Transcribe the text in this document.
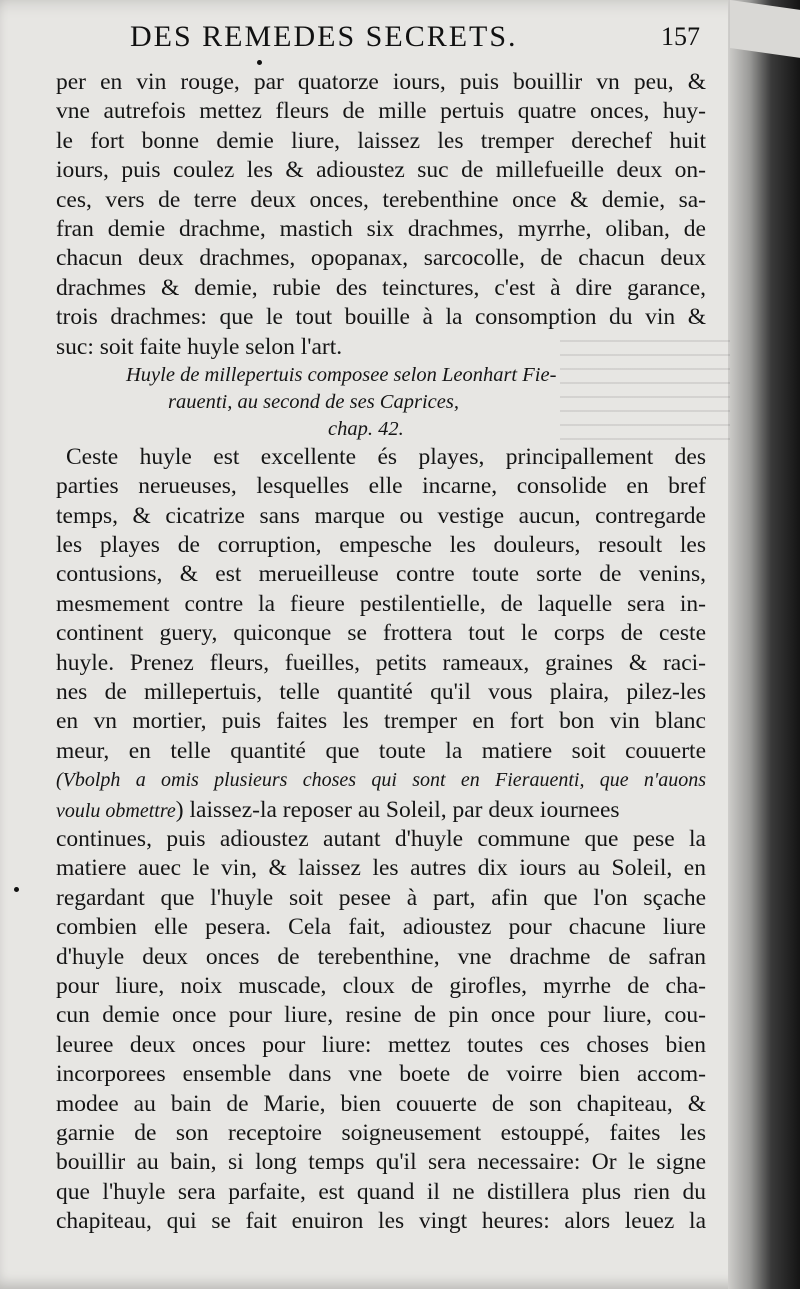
DES REMEDES SECRETS.	157
per en vin rouge, par quatorze iours, puis bouillir vn peu, &
vne autrefois mettez fleurs de mille pertuis quatre onces, huy-
le fort bonne demie liure, laissez les tremper derechef huit
iours, puis coulez les & adioustez suc de millefueille deux on-
ces, vers de terre deux onces, terebenthine once & demie, sa-
fran demie drachme, mastich six drachmes, myrrhe, oliban, de
chacun deux drachmes, opopanax, sarcocolle, de chacun deux
drachmes & demie, rubie des teinctures, c'est à dire garance,
trois drachmes: que le tout bouille à la consomption du vin &
suc: soit faite huyle selon l'art.
Huyle de millepertuis composee selon Leonhart Fie-
rauenti, au second de ses Caprices,
chap. 42.
Ceste huyle est excellente és playes, principallement des
parties nerueuses, lesquelles elle incarne, consolide en bref
temps, & cicatrize sans marque ou vestige aucun, contregarde
les playes de corruption, empesche les douleurs, resoult les
contusions, & est merueilleuse contre toute sorte de venins,
mesmement contre la fieure pestilentielle, de laquelle sera in-
continent guery, quiconque se frottera tout le corps de ceste
huyle. Prenez fleurs, fueilles, petits rameaux, graines & raci-
nes de millepertuis, telle quantité qu'il vous plaira, pilez-les
en vn mortier, puis faites les tremper en fort bon vin blanc
meur, en telle quantité que toute la matiere soit couuerte
(Vbolph a omis plusieurs choses qui sont en Fierauenti, que n'auons
voulu obmettre) laissez-la reposer au Soleil, par deux iournees
continues, puis adioustez autant d'huyle commune que pese la
matiere auec le vin, & laissez les autres dix iours au Soleil, en
regardant que l'huyle soit pesee à part, afin que l'on sçache
combien elle pesera. Cela fait, adioustez pour chacune liure
d'huyle deux onces de terebenthine, vne drachme de safran
pour liure, noix muscade, cloux de girofles, myrrhe de cha-
cun demie once pour liure, resine de pin once pour liure, cou-
leuree deux onces pour liure: mettez toutes ces choses bien
incorporees ensemble dans vne boete de voirre bien accom-
modee au bain de Marie, bien couuerte de son chapiteau, &
garnie de son receptoire soigneusement estouppé, faites les
bouillir au bain, si long temps qu'il sera necessaire: Or le signe
que l'huyle sera parfaite, est quand il ne distillera plus rien du
chapiteau, qui se fait enuiron les vingt heures: alors leuez la
